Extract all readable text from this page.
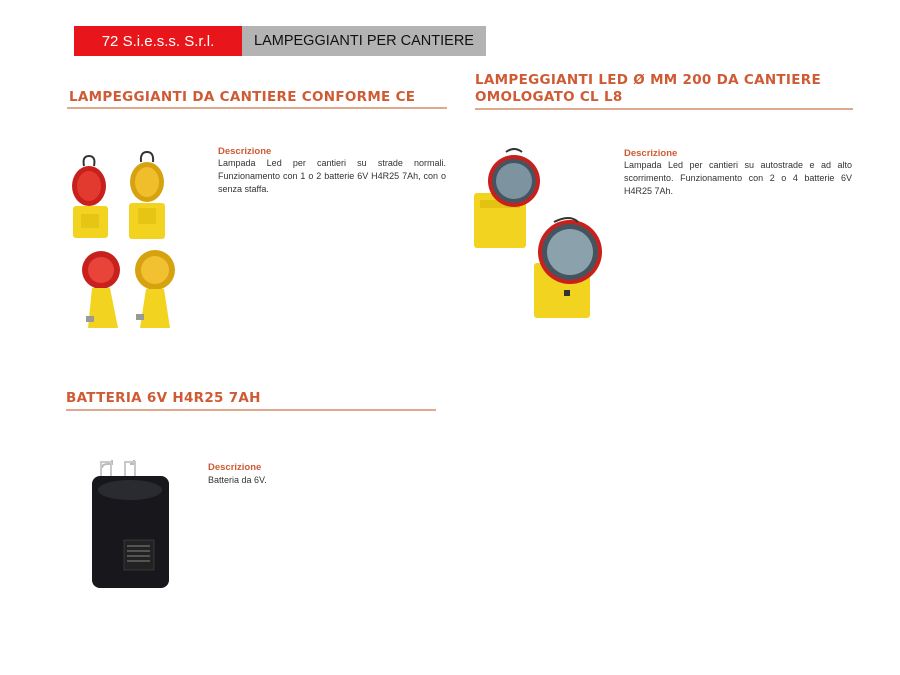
72 S.i.e.s.s. S.r.l.	LAMPEGGIANTI PER CANTIERE
LAMPEGGIANTI DA CANTIERE CONFORME CE
Descrizione
Lampada Led per cantieri su strade normali. Funzionamento con 1 o 2 batterie 6V H4R25 7Ah, con o senza staffa.
LAMPEGGIANTI LED Ø MM 200 DA CANTIERE
OMOLOGATO CL L8
Descrizione
Lampada Led per cantieri su autostrade e ad alto scorrimento. Funzionamento con 2 o 4 batterie 6V H4R25 7Ah.
BATTERIA 6V H4R25 7AH
Descrizione
Batteria da 6V.
